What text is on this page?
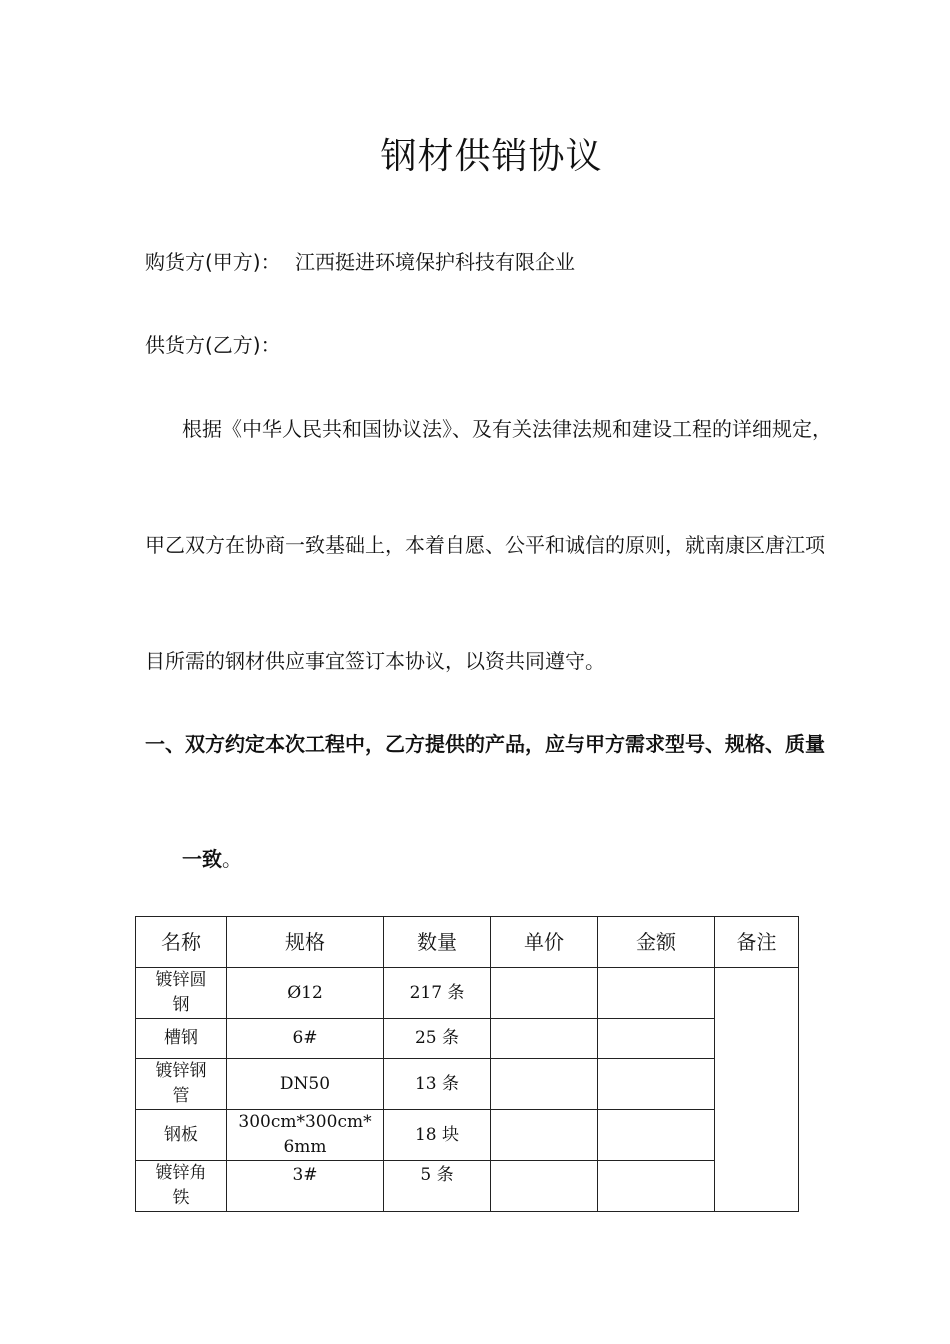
钢材供销协议
购货方(甲方)： 江西挺进环境保护科技有限企业
供货方(乙方)：
根据《中华人民共和国协议法》、及有关法律法规和建设工程的详细规定，
甲乙双方在协商一致基础上，本着自愿、公平和诚信的原则，就南康区唐江项
目所需的钢材供应事宜签订本协议，以资共同遵守。
一、双方约定本次工程中，乙方提供的产品，应与甲方需求型号、规格、质量
一致。
名称	规格	数量	单价	金额	备注
镀锌圆钢	Ø12	217 条			
槽钢	6#	25 条			
镀锌钢管	DN50	13 条			
钢板	300cm*300cm*6mm	18 块			
镀锌角铁	3#	5 条			
